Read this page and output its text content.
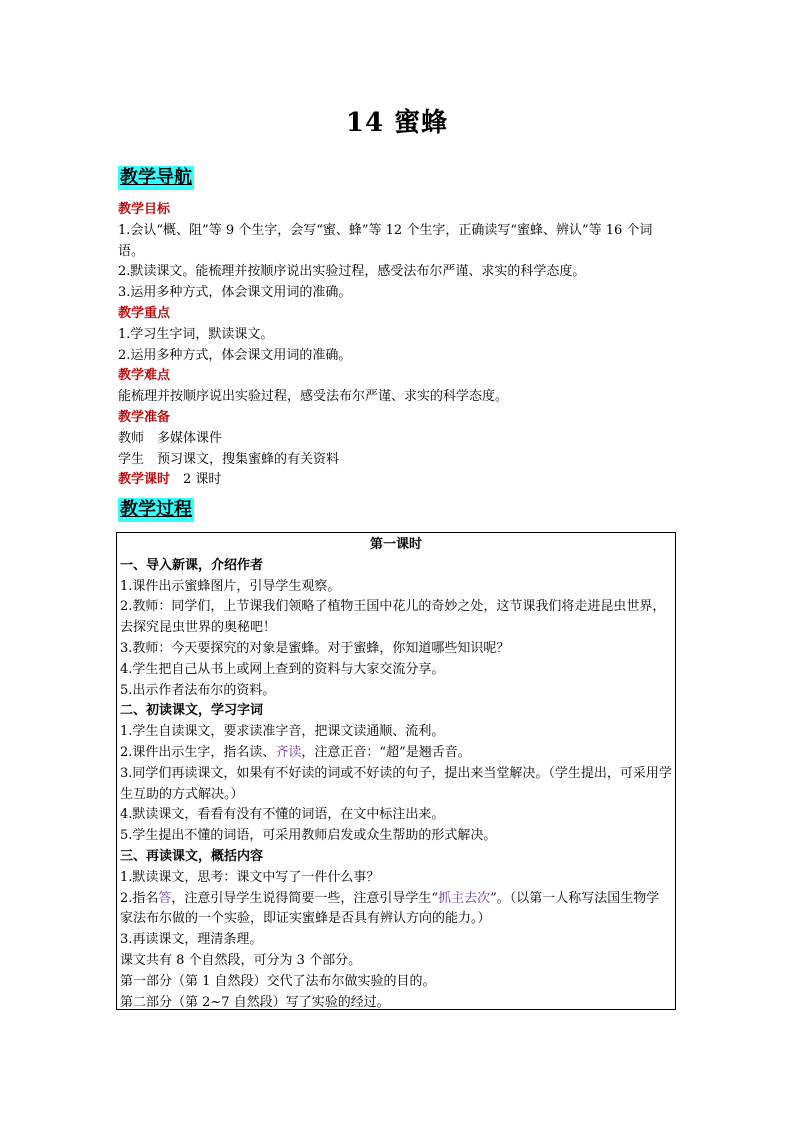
14 蜜蜂
教学导航
教学目标
1.会认“概、阻”等 9 个生字，会写“蜜、蜂”等 12 个生字，正确读写“蜜蜂、辨认”等 16 个词语。
2.默读课文。能梳理并按顺序说出实验过程，感受法布尔严谨、求实的科学态度。
3.运用多种方式，体会课文用词的准确。
教学重点
1.学习生字词，默读课文。
2.运用多种方式，体会课文用词的准确。
教学难点
能梳理并按顺序说出实验过程，感受法布尔严谨、求实的科学态度。
教学准备
教师　多媒体课件
学生　预习课文，搜集蜜蜂的有关资料
教学课时　 2 课时
教学过程
第一课时
一、导入新课，介绍作者
1.课件出示蜜蜂图片，引导学生观察。
2.教师：同学们，上节课我们领略了植物王国中花儿的奇妙之处，这节课我们将走进昆虫世界，去探究昆虫世界的奥秘吧！
3.教师：今天要探究的对象是蜜蜂。对于蜜蜂，你知道哪些知识呢？
4.学生把自己从书上或网上查到的资料与大家交流分享。
5.出示作者法布尔的资料。
二、初读课文，学习字词
1.学生自读课文，要求读准字音，把课文读通顺、流利。
2.课件出示生字，指名读、齐读，注意正音：“超”是翘舌音。
3.同学们再读课文，如果有不好读的词或不好读的句子，提出来当堂解决。（学生提出，可采用学生互助的方式解决。）
4.默读课文，看看有没有不懂的词语，在文中标注出来。
5.学生提出不懂的词语，可采用教师启发或众生帮助的形式解决。
三、再读课文，概括内容
1.默读课文，思考：课文中写了一件什么事？
2.指名答，注意引导学生说得简要一些，注意引导学生“抓主去次”。（以第一人称写法国生物学家法布尔做的一个实验，即证实蜜蜂是否具有辨认方向的能力。）
3.再读课文，理清条理。
课文共有 8 个自然段，可分为 3 个部分。
第一部分（第 1 自然段）交代了法布尔做实验的目的。
第二部分（第 2~7 自然段）写了实验的经过。
